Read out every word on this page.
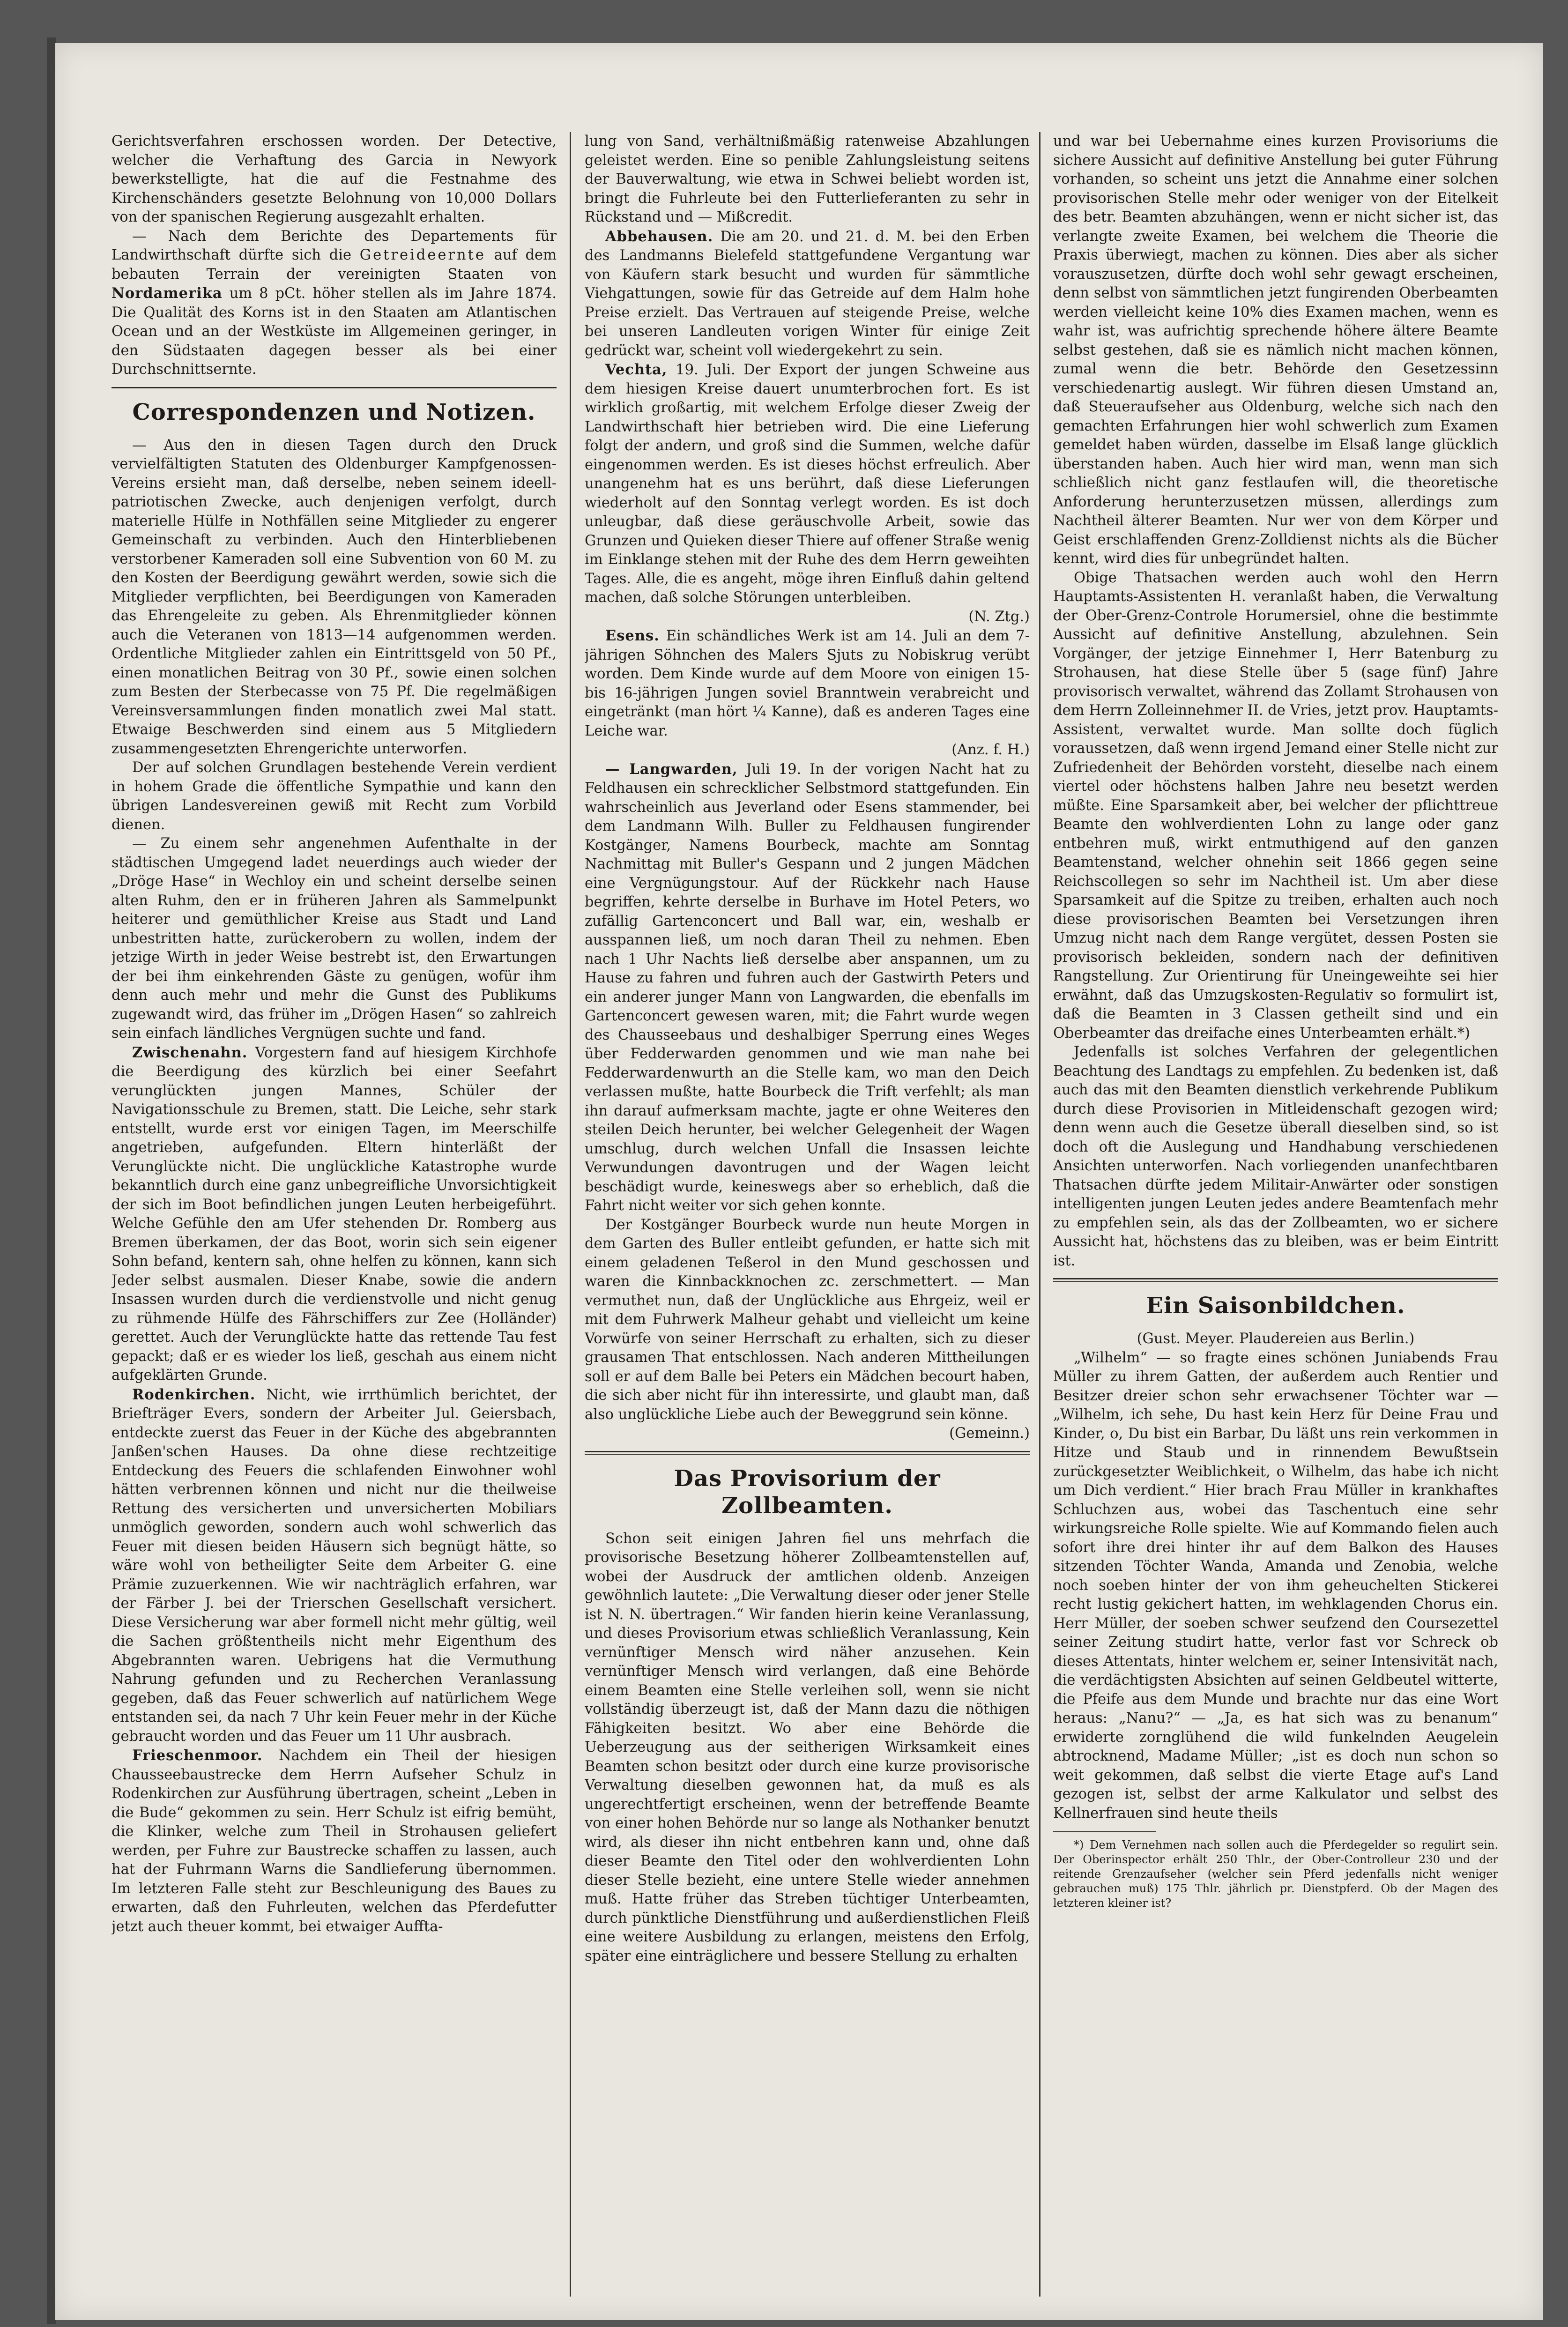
Gerichtsverfahren erschossen worden. Der Detective, welcher die Verhaftung des Garcia in Newyork bewerkstelligte, hat die auf die Festnahme des Kirchenschänders gesetzte Belohnung von 10,000 Dollars von der spanischen Regierung ausgezahlt erhalten.

— Nach dem Berichte des Departements für Landwirthschaft dürfte sich die Getreideernte auf dem bebauten Terrain der vereinigten Staaten von Nordamerika um 8 pCt. höher stellen als im Jahre 1874. Die Qualität des Korns ist in den Staaten am Atlantischen Ocean und an der Westküste im Allgemeinen geringer, in den Südstaaten dagegen besser als bei einer Durchschnittsernte.

Correspondenzen und Notizen.

— Aus den in diesen Tagen durch den Druck vervielfältigten Statuten des Oldenburger Kampfgenossen-Vereins ersieht man, daß derselbe, neben seinem ideell-patriotischen Zwecke, auch denjenigen verfolgt, durch materielle Hülfe in Nothfällen seine Mitglieder zu engerer Gemeinschaft zu verbinden. Auch den Hinterbliebenen verstorbener Kameraden soll eine Subvention von 60 M. zu den Kosten der Beerdigung gewährt werden, sowie sich die Mitglieder verpflichten, bei Beerdigungen von Kameraden das Ehrengeleite zu geben. Als Ehrenmitglieder können auch die Veteranen von 1813—14 aufgenommen werden. Ordentliche Mitglieder zahlen ein Eintrittsgeld von 50 Pf., einen monatlichen Beitrag von 30 Pf., sowie einen solchen zum Besten der Sterbecasse von 75 Pf. Die regelmäßigen Vereinsversammlungen finden monatlich zwei Mal statt. Etwaige Beschwerden sind einem aus 5 Mitgliedern zusammengesetzten Ehrengerichte unterworfen.

Der auf solchen Grundlagen bestehende Verein verdient in hohem Grade die öffentliche Sympathie und kann den übrigen Landesvereinen gewiß mit Recht zum Vorbild dienen.

— Zu einem sehr angenehmen Aufenthalte in der städtischen Umgegend ladet neuerdings auch wieder der „Dröge Hase“ in Wechloy ein und scheint derselbe seinen alten Ruhm, den er in früheren Jahren als Sammelpunkt heiterer und gemüthlicher Kreise aus Stadt und Land unbestritten hatte, zurückerobern zu wollen, indem der jetzige Wirth in jeder Weise bestrebt ist, den Erwartungen der bei ihm einkehrenden Gäste zu genügen, wofür ihm denn auch mehr und mehr die Gunst des Publikums zugewandt wird, das früher im „Drögen Hasen“ so zahlreich sein einfach ländliches Vergnügen suchte und fand.

Zwischenahn. Vorgestern fand auf hiesigem Kirchhofe die Beerdigung des kürzlich bei einer Seefahrt verunglückten jungen Mannes, Schüler der Navigationsschule zu Bremen, statt. Die Leiche, sehr stark entstellt, wurde erst vor einigen Tagen, im Meerschilfe angetrieben, aufgefunden. Eltern hinterläßt der Verunglückte nicht. Die unglückliche Katastrophe wurde bekanntlich durch eine ganz unbegreifliche Unvorsichtigkeit der sich im Boot befindlichen jungen Leuten herbeigeführt. Welche Gefühle den am Ufer stehenden Dr. Romberg aus Bremen überkamen, der das Boot, worin sich sein eigener Sohn befand, kentern sah, ohne helfen zu können, kann sich Jeder selbst ausmalen. Dieser Knabe, sowie die andern Insassen wurden durch die verdienstvolle und nicht genug zu rühmende Hülfe des Fährschiffers zur Zee (Holländer) gerettet. Auch der Verunglückte hatte das rettende Tau fest gepackt; daß er es wieder los ließ, geschah aus einem nicht aufgeklärten Grunde.

Rodenkirchen. Nicht, wie irrthümlich berichtet, der Briefträger Evers, sondern der Arbeiter Jul. Geiersbach, entdeckte zuerst das Feuer in der Küche des abgebrannten Janßen'schen Hauses. Da ohne diese rechtzeitige Entdeckung des Feuers die schlafenden Einwohner wohl hätten verbrennen können und nicht nur die theilweise Rettung des versicherten und unversicherten Mobiliars unmöglich geworden, sondern auch wohl schwerlich das Feuer mit diesen beiden Häusern sich begnügt hätte, so wäre wohl von betheiligter Seite dem Arbeiter G. eine Prämie zuzuerkennen. Wie wir nachträglich erfahren, war der Färber J. bei der Trierschen Gesellschaft versichert. Diese Versicherung war aber formell nicht mehr gültig, weil die Sachen größtentheils nicht mehr Eigenthum des Abgebrannten waren. Uebrigens hat die Vermuthung Nahrung gefunden und zu Recherchen Veranlassung gegeben, daß das Feuer schwerlich auf natürlichem Wege entstanden sei, da nach 7 Uhr kein Feuer mehr in der Küche gebraucht worden und das Feuer um 11 Uhr ausbrach.

Frieschenmoor. Nachdem ein Theil der hiesigen Chausseebaustrecke dem Herrn Aufseher Schulz in Rodenkirchen zur Ausführung übertragen, scheint „Leben in die Bude“ gekommen zu sein. Herr Schulz ist eifrig bemüht, die Klinker, welche zum Theil in Strohausen geliefert werden, per Fuhre zur Baustrecke schaffen zu lassen, auch hat der Fuhrmann Warns die Sandlieferung übernommen. Im letzteren Falle steht zur Beschleunigung des Baues zu erwarten, daß den Fuhrleuten, welchen das Pferdefutter jetzt auch theuer kommt, bei etwaiger Auffta-

lung von Sand, verhältnißmäßig ratenweise Abzahlungen geleistet werden. Eine so penible Zahlungsleistung seitens der Bauverwaltung, wie etwa in Schwei beliebt worden ist, bringt die Fuhrleute bei den Futterlieferanten zu sehr in Rückstand und — Mißcredit.

Abbehausen. Die am 20. und 21. d. M. bei den Erben des Landmanns Bielefeld stattgefundene Vergantung war von Käufern stark besucht und wurden für sämmtliche Viehgattungen, sowie für das Getreide auf dem Halm hohe Preise erzielt. Das Vertrauen auf steigende Preise, welche bei unseren Landleuten vorigen Winter für einige Zeit gedrückt war, scheint voll wiedergekehrt zu sein.

Vechta, 19. Juli. Der Export der jungen Schweine aus dem hiesigen Kreise dauert unumterbrochen fort. Es ist wirklich großartig, mit welchem Erfolge dieser Zweig der Landwirthschaft hier betrieben wird. Die eine Lieferung folgt der andern, und groß sind die Summen, welche dafür eingenommen werden. Es ist dieses höchst erfreulich. Aber unangenehm hat es uns berührt, daß diese Lieferungen wiederholt auf den Sonntag verlegt worden. Es ist doch unleugbar, daß diese geräuschvolle Arbeit, sowie das Grunzen und Quieken dieser Thiere auf offener Straße wenig im Einklange stehen mit der Ruhe des dem Herrn geweihten Tages. Alle, die es angeht, möge ihren Einfluß dahin geltend machen, daß solche Störungen unterbleiben.
(N. Ztg.)

Esens. Ein schändliches Werk ist am 14. Juli an dem 7-jährigen Söhnchen des Malers Sjuts zu Nobiskrug verübt worden. Dem Kinde wurde auf dem Moore von einigen 15- bis 16-jährigen Jungen soviel Branntwein verabreicht und eingetränkt (man hört ¼ Kanne), daß es anderen Tages eine Leiche war.
(Anz. f. H.)

— Langwarden, Juli 19. In der vorigen Nacht hat zu Feldhausen ein schrecklicher Selbstmord stattgefunden. Ein wahrscheinlich aus Jeverland oder Esens stammender, bei dem Landmann Wilh. Buller zu Feldhausen fungirender Kostgänger, Namens Bourbeck, machte am Sonntag Nachmittag mit Buller's Gespann und 2 jungen Mädchen eine Vergnügungstour. Auf der Rückkehr nach Hause begriffen, kehrte derselbe in Burhave im Hotel Peters, wo zufällig Gartenconcert und Ball war, ein, weshalb er ausspannen ließ, um noch daran Theil zu nehmen. Eben nach 1 Uhr Nachts ließ derselbe aber anspannen, um zu Hause zu fahren und fuhren auch der Gastwirth Peters und ein anderer junger Mann von Langwarden, die ebenfalls im Gartenconcert gewesen waren, mit; die Fahrt wurde wegen des Chausseebaus und deshalbiger Sperrung eines Weges über Fedderwarden genommen und wie man nahe bei Fedderwardenwurth an die Stelle kam, wo man den Deich verlassen mußte, hatte Bourbeck die Trift verfehlt; als man ihn darauf aufmerksam machte, jagte er ohne Weiteres den steilen Deich herunter, bei welcher Gelegenheit der Wagen umschlug, durch welchen Unfall die Insassen leichte Verwundungen davontrugen und der Wagen leicht beschädigt wurde, keineswegs aber so erheblich, daß die Fahrt nicht weiter vor sich gehen konnte.

Der Kostgänger Bourbeck wurde nun heute Morgen in dem Garten des Buller entleibt gefunden, er hatte sich mit einem geladenen Teßerol in den Mund geschossen und waren die Kinnbackknochen zc. zerschmettert. — Man vermuthet nun, daß der Unglückliche aus Ehrgeiz, weil er mit dem Fuhrwerk Malheur gehabt und vielleicht um keine Vorwürfe von seiner Herrschaft zu erhalten, sich zu dieser grausamen That entschlossen. Nach anderen Mittheilungen soll er auf dem Balle bei Peters ein Mädchen becourt haben, die sich aber nicht für ihn interessirte, und glaubt man, daß also unglückliche Liebe auch der Beweggrund sein könne.
(Gemeinn.)

Das Provisorium der Zollbeamten.

Schon seit einigen Jahren fiel uns mehrfach die provisorische Besetzung höherer Zollbeamtenstellen auf, wobei der Ausdruck der amtlichen oldenb. Anzeigen gewöhnlich lautete: „Die Verwaltung dieser oder jener Stelle ist N. N. übertragen.“ Wir fanden hierin keine Veranlassung, und dieses Provisorium etwas schließlich Veranlassung, Kein vernünftiger Mensch wird näher anzusehen. Kein vernünftiger Mensch wird verlangen, daß eine Behörde einem Beamten eine Stelle verleihen soll, wenn sie nicht vollständig überzeugt ist, daß der Mann dazu die nöthigen Fähigkeiten besitzt. Wo aber eine Behörde die Ueberzeugung aus der seitherigen Wirksamkeit eines Beamten schon besitzt oder durch eine kurze provisorische Verwaltung dieselben gewonnen hat, da muß es als ungerechtfertigt erscheinen, wenn der betreffende Beamte von einer hohen Behörde nur so lange als Nothanker benutzt wird, als dieser ihn nicht entbehren kann und, ohne daß dieser Beamte den Titel oder den wohlverdienten Lohn dieser Stelle bezieht, eine untere Stelle wieder annehmen muß. Hatte früher das Streben tüchtiger Unterbeamten, durch pünktliche Dienstführung und außerdienstlichen Fleiß eine weitere Ausbildung zu erlangen, meistens den Erfolg, später eine einträglichere und bessere Stellung zu erhalten

und war bei Uebernahme eines kurzen Provisoriums die sichere Aussicht auf definitive Anstellung bei guter Führung vorhanden, so scheint uns jetzt die Annahme einer solchen provisorischen Stelle mehr oder weniger von der Eitelkeit des betr. Beamten abzuhängen, wenn er nicht sicher ist, das verlangte zweite Examen, bei welchem die Theorie die Praxis überwiegt, machen zu können. Dies aber als sicher vorauszusetzen, dürfte doch wohl sehr gewagt erscheinen, denn selbst von sämmtlichen jetzt fungirenden Oberbeamten werden vielleicht keine 10% dies Examen machen, wenn es wahr ist, was aufrichtig sprechende höhere ältere Beamte selbst gestehen, daß sie es nämlich nicht machen können, zumal wenn die betr. Behörde den Gesetzessinn verschiedenartig auslegt. Wir führen diesen Umstand an, daß Steueraufseher aus Oldenburg, welche sich nach den gemachten Erfahrungen hier wohl schwerlich zum Examen gemeldet haben würden, dasselbe im Elsaß lange glücklich überstanden haben. Auch hier wird man, wenn man sich schließlich nicht ganz festlaufen will, die theoretische Anforderung herunterzusetzen müssen, allerdings zum Nachtheil älterer Beamten. Nur wer von dem Körper und Geist erschlaffenden Grenz-Zolldienst nichts als die Bücher kennt, wird dies für unbegründet halten.

Obige Thatsachen werden auch wohl den Herrn Hauptamts-Assistenten H. veranlaßt haben, die Verwaltung der Ober-Grenz-Controle Horumersiel, ohne die bestimmte Aussicht auf definitive Anstellung, abzulehnen. Sein Vorgänger, der jetzige Einnehmer I, Herr Batenburg zu Strohausen, hat diese Stelle über 5 (sage fünf) Jahre provisorisch verwaltet, während das Zollamt Strohausen von dem Herrn Zolleinnehmer II. de Vries, jetzt prov. Hauptamts-Assistent, verwaltet wurde. Man sollte doch füglich voraussetzen, daß wenn irgend Jemand einer Stelle nicht zur Zufriedenheit der Behörden vorsteht, dieselbe nach einem viertel oder höchstens halben Jahre neu besetzt werden müßte. Eine Sparsamkeit aber, bei welcher der pflichttreue Beamte den wohlverdienten Lohn zu lange oder ganz entbehren muß, wirkt entmuthigend auf den ganzen Beamtenstand, welcher ohnehin seit 1866 gegen seine Reichscollegen so sehr im Nachtheil ist. Um aber diese Sparsamkeit auf die Spitze zu treiben, erhalten auch noch diese provisorischen Beamten bei Versetzungen ihren Umzug nicht nach dem Range vergütet, dessen Posten sie provisorisch bekleiden, sondern nach der definitiven Rangstellung. Zur Orientirung für Uneingeweihte sei hier erwähnt, daß das Umzugskosten-Regulativ so formulirt ist, daß die Beamten in 3 Classen getheilt sind und ein Oberbeamter das dreifache eines Unterbeamten erhält.*)

Jedenfalls ist solches Verfahren der gelegentlichen Beachtung des Landtags zu empfehlen. Zu bedenken ist, daß auch das mit den Beamten dienstlich verkehrende Publikum durch diese Provisorien in Mitleidenschaft gezogen wird; denn wenn auch die Gesetze überall dieselben sind, so ist doch oft die Auslegung und Handhabung verschiedenen Ansichten unterworfen. Nach vorliegenden unanfechtbaren Thatsachen dürfte jedem Militair-Anwärter oder sonstigen intelligenten jungen Leuten jedes andere Beamtenfach mehr zu empfehlen sein, als das der Zollbeamten, wo er sichere Aussicht hat, höchstens das zu bleiben, was er beim Eintritt ist.

Ein Saisonbildchen.

(Gust. Meyer. Plaudereien aus Berlin.)

„Wilhelm“ — so fragte eines schönen Juniabends Frau Müller zu ihrem Gatten, der außerdem auch Rentier und Besitzer dreier schon sehr erwachsener Töchter war — „Wilhelm, ich sehe, Du hast kein Herz für Deine Frau und Kinder, o, Du bist ein Barbar, Du läßt uns rein verkommen in Hitze und Staub und in rinnendem Bewußtsein zurückgesetzter Weiblichkeit, o Wilhelm, das habe ich nicht um Dich verdient.“ Hier brach Frau Müller in krankhaftes Schluchzen aus, wobei das Taschentuch eine sehr wirkungsreiche Rolle spielte. Wie auf Kommando fielen auch sofort ihre drei hinter ihr auf dem Balkon des Hauses sitzenden Töchter Wanda, Amanda und Zenobia, welche noch soeben hinter der von ihm geheuchelten Stickerei recht lustig gekichert hatten, im wehklagenden Chorus ein. Herr Müller, der soeben schwer seufzend den Coursezettel seiner Zeitung studirt hatte, verlor fast vor Schreck ob dieses Attentats, hinter welchem er, seiner Intensivität nach, die verdächtigsten Absichten auf seinen Geldbeutel witterte, die Pfeife aus dem Munde und brachte nur das eine Wort heraus: „Nanu?“ — „Ja, es hat sich was zu benanum“ erwiderte zornglühend die wild funkelnden Aeugelein abtrocknend, Madame Müller; „ist es doch nun schon so weit gekommen, daß selbst die vierte Etage auf's Land gezogen ist, selbst der arme Kalkulator und selbst des Kellnerfrauen sind heute theils

*) Dem Vernehmen nach sollen auch die Pferdegelder so regulirt sein. Der Oberinspector erhält 250 Thlr., der Ober-Controlleur 230 und der reitende Grenzaufseher (welcher sein Pferd jedenfalls nicht weniger gebrauchen muß) 175 Thlr. jährlich pr. Dienstpferd. Ob der Magen des letzteren kleiner ist?
